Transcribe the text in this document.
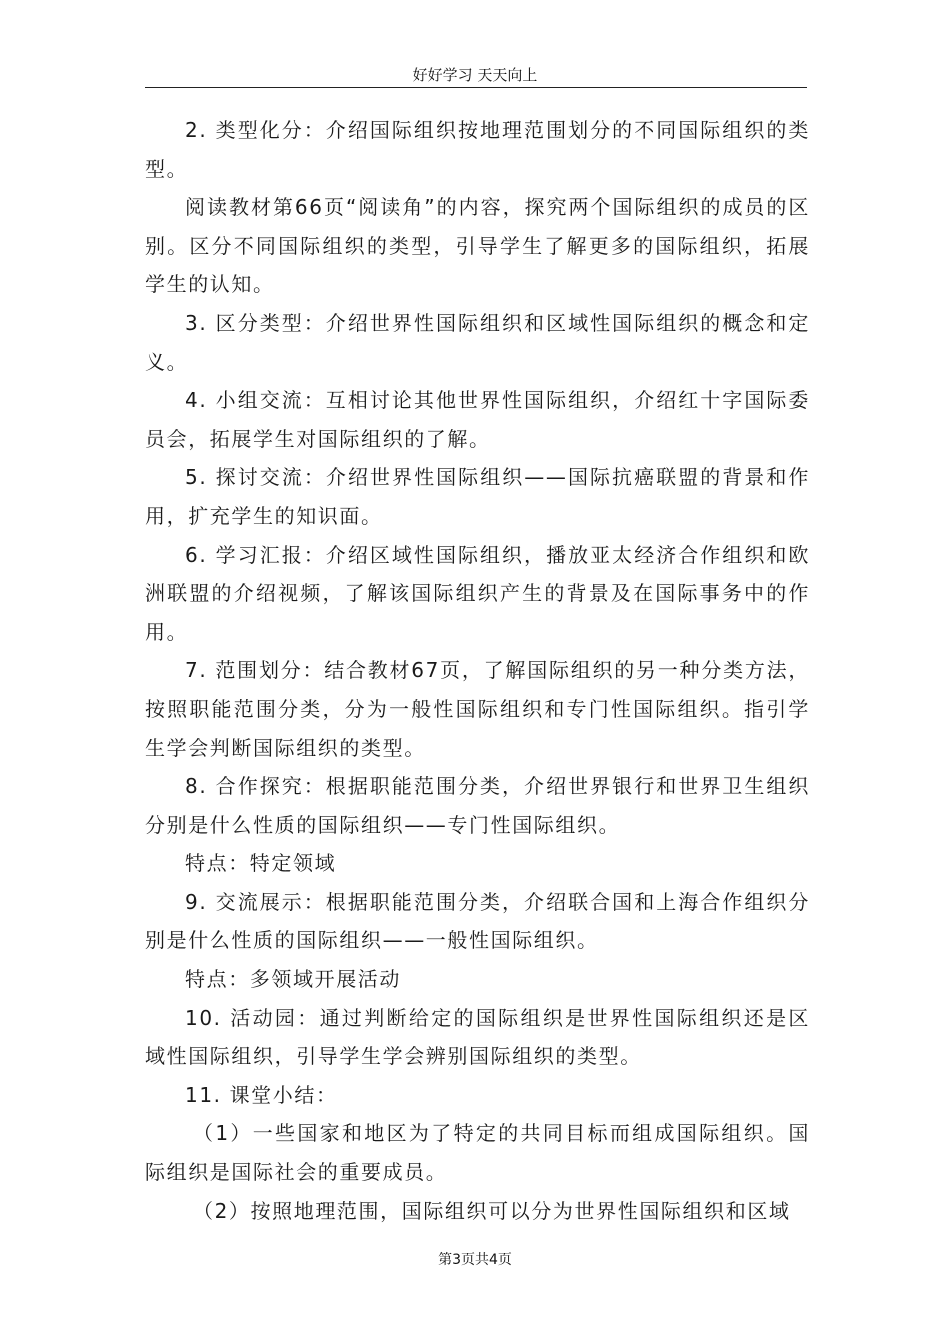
好好学习 天天向上

2. 类型化分：介绍国际组织按地理范围划分的不同国际组织的类型。

阅读教材第66页“阅读角”的内容，探究两个国际组织的成员的区别。区分不同国际组织的类型，引导学生了解更多的国际组织，拓展学生的认知。

3. 区分类型：介绍世界性国际组织和区域性国际组织的概念和定义。

4. 小组交流：互相讨论其他世界性国际组织，介绍红十字国际委员会，拓展学生对国际组织的了解。

5. 探讨交流：介绍世界性国际组织——国际抗癌联盟的背景和作用，扩充学生的知识面。

6. 学习汇报：介绍区域性国际组织，播放亚太经济合作组织和欧洲联盟的介绍视频，了解该国际组织产生的背景及在国际事务中的作用。

7. 范围划分：结合教材67页，了解国际组织的另一种分类方法，按照职能范围分类，分为一般性国际组织和专门性国际组织。指引学生学会判断国际组织的类型。

8. 合作探究：根据职能范围分类，介绍世界银行和世界卫生组织分别是什么性质的国际组织——专门性国际组织。

特点：特定领域

9. 交流展示：根据职能范围分类，介绍联合国和上海合作组织分别是什么性质的国际组织——一般性国际组织。

特点：多领域开展活动

10. 活动园：通过判断给定的国际组织是世界性国际组织还是区域性国际组织，引导学生学会辨别国际组织的类型。

11. 课堂小结：

（1）一些国家和地区为了特定的共同目标而组成国际组织。国际组织是国际社会的重要成员。

（2）按照地理范围，国际组织可以分为世界性国际组织和区域

第3页共4页
